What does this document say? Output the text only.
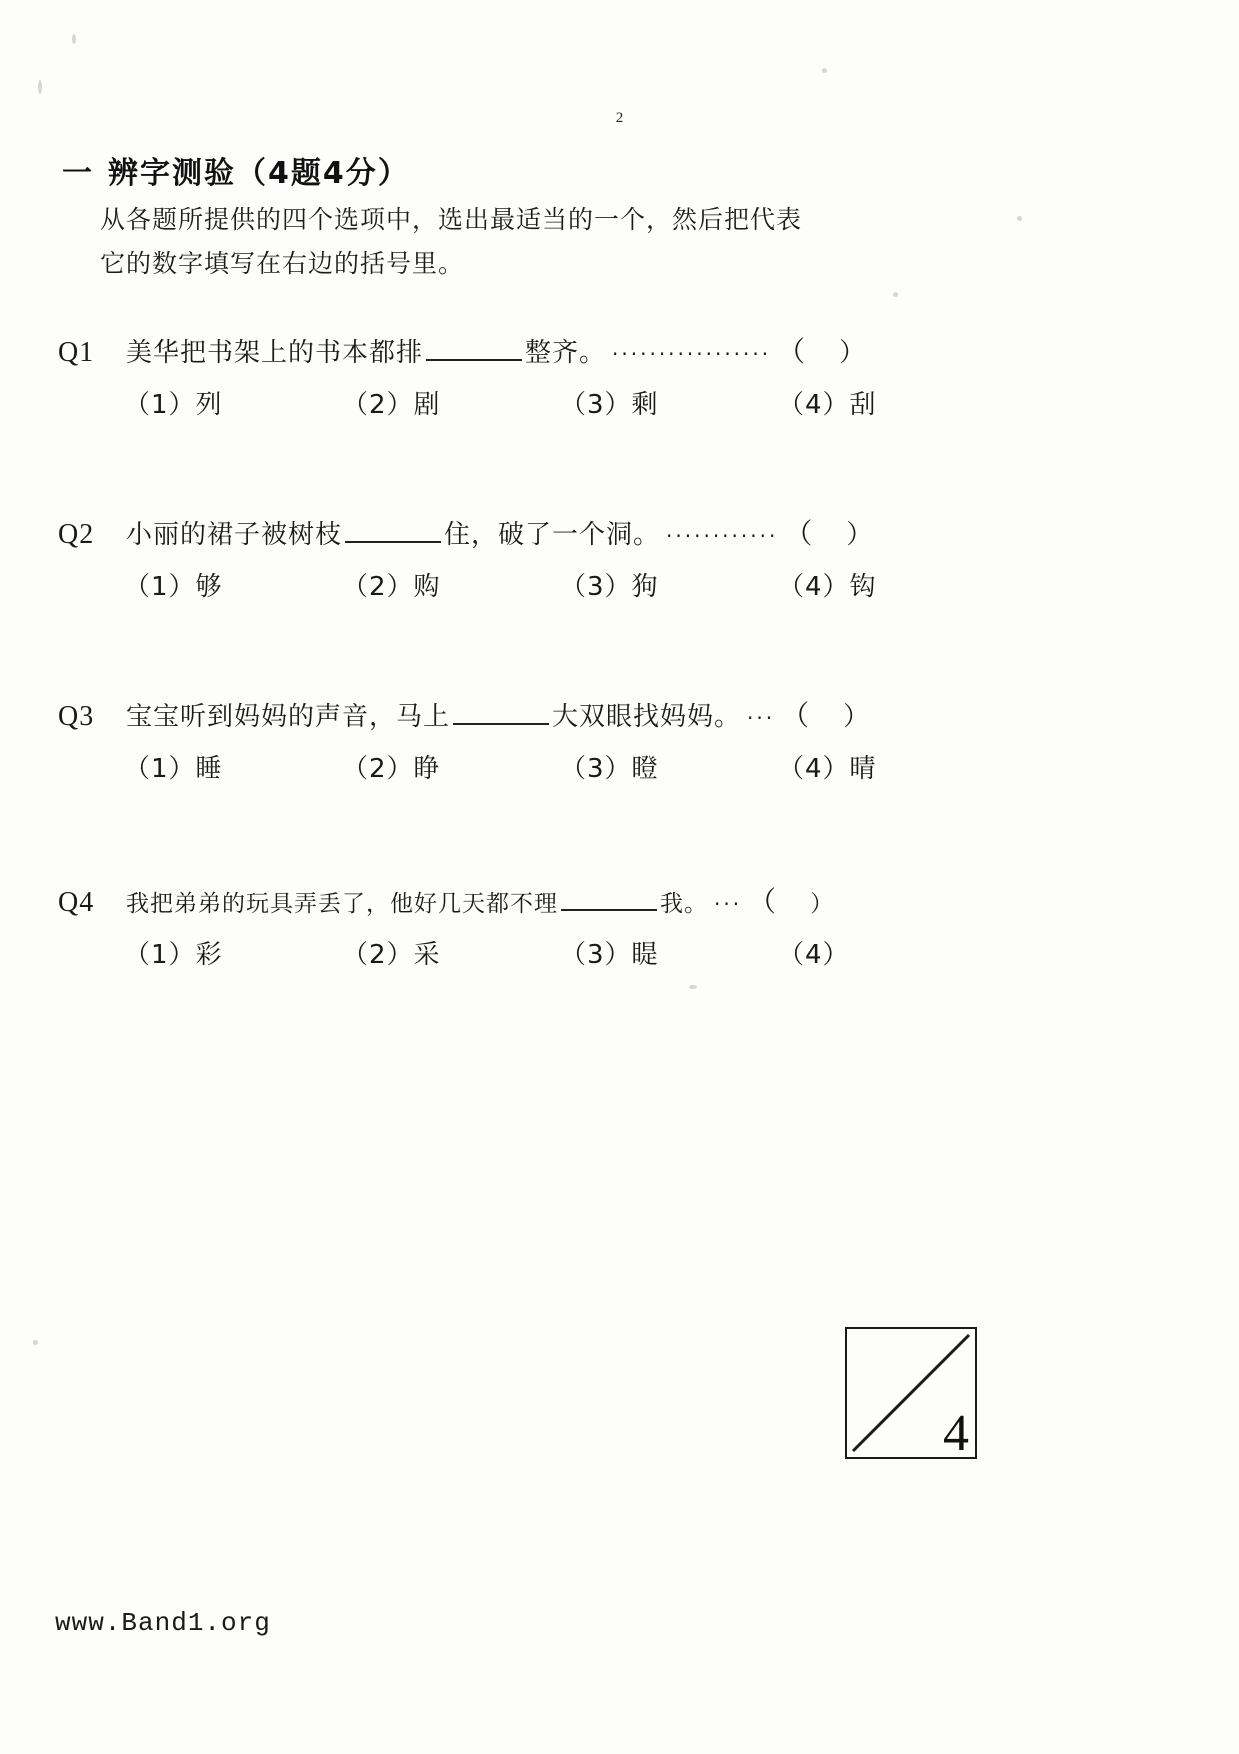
2
一 辨字测验（4题4分）
从各题所提供的四个选项中，选出最适当的一个，然后把代表
它的数字填写在右边的括号里。
Q1	美华把书架上的书本都排	整齐。 ················· （ ）
（1）列	（2）剧	（3）剩	（4）刮
Q2	小丽的裙子被树枝	住，破了一个洞。 ············ （ ）
（1）够	（2）购	（3）狗	（4）钩
Q3	宝宝听到妈妈的声音，马上	大双眼找妈妈。 ··· （ ）
（1）睡	（2）睁	（3）瞪	（4）晴
Q4	我把弟弟的玩具弄丢了，他好几天都不理	我。 ··· （ ）
（1）彩	（2）采	（3）睼	（4）
4
www.Band1.org
